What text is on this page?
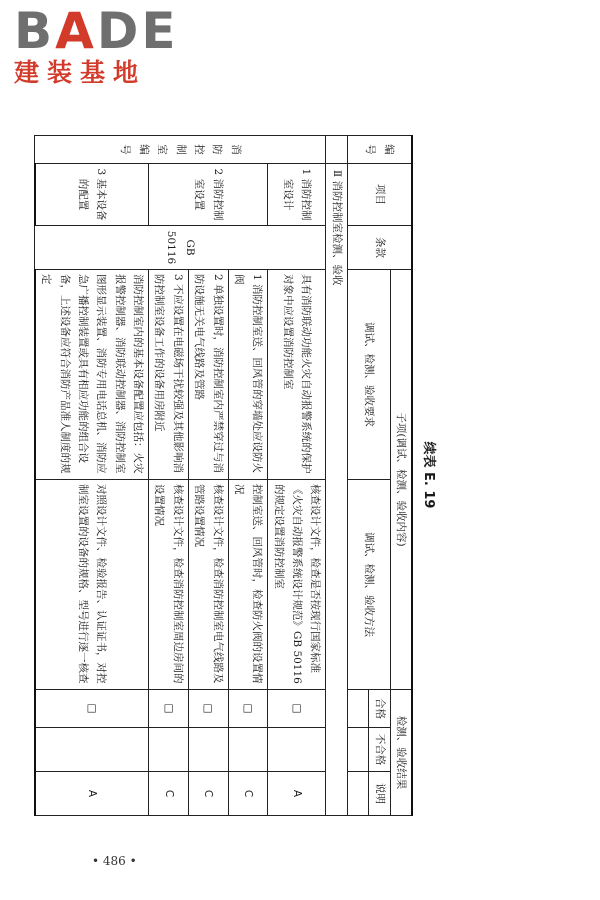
BADE
建装基地
• 486 •
续表 E. 19
编号	项目	条款	子项(调试、检测、验收内容)		检测、验收结果		
			调试、检测、验收要求	调试、检测、验收方法	合格	不合格	说明

	Ⅱ 消防控制室检测、验收						
消防控制室编号	1 消防控制室设计	GB 50116	具有消防联动功能火灾自动报警系统的保护对象中应设置消防控制室	核查设计文件，检查是否按现行国家标准《火灾自动报警系统设计规范》GB 50116 的规定设置消防控制室	□		A
	2 消防控制室设置		1 消防控制室送、回风管的穿墙处应设防火阀	控制室送、回风管时，检查防火阀的设置情况	□		C
			2 单独设置时，消防控制室内严禁穿过与消防设施无关电气线路及管路	核查设计文件，检查消防控制室电气线路及管路设置情况	□		C
			3 不应设置在电磁场干扰较强及其他影响消防控制室设备工作的设备用房附近	核查设计文件，检查消防控制室周边房间的设置情况	□		C
	3 基本设备的配置		消防控制室内的基本设备配置应包括：火灾报警控制器、消防联动控制器、消防控制室图形显示装置、消防专用电话总机、消防应急广播控制装置或具有相应功能的组合设备，上述设备应符合消防产品准人制度的规定	对照设计文件、检验报告、认证证书，对控制室设置的设备的规格、型号进行逐一核查	□		A
